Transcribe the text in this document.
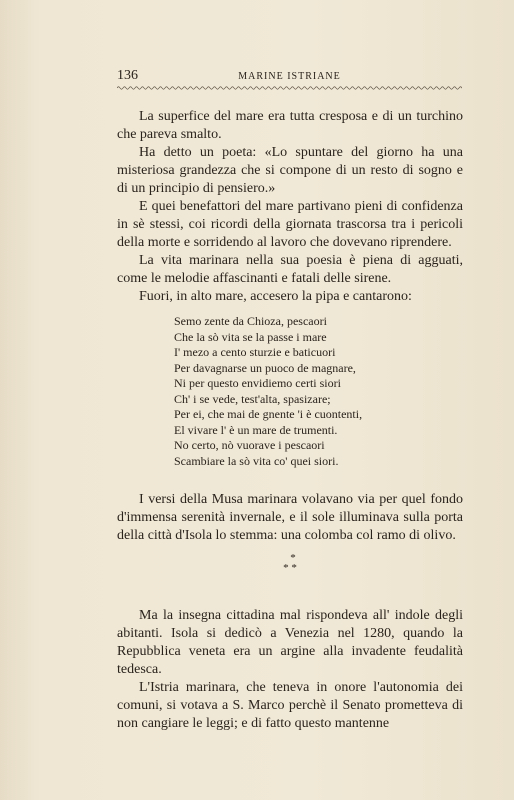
136	MARINE ISTRIANE

La superfice del mare era tutta cresposa e di un turchino che pareva smalto.

Ha detto un poeta: «Lo spuntare del giorno ha una misteriosa grandezza che si compone di un resto di sogno e di un principio di pensiero.»

E quei benefattori del mare partivano pieni di confidenza in sè stessi, coi ricordi della giornata trascorsa tra i pericoli della morte e sorridendo al lavoro che dovevano riprendere.

La vita marinara nella sua poesia è piena di agguati, come le melodie affascinanti e fatali delle sirene.

Fuori, in alto mare, accesero la pipa e cantarono:

Semo zente da Chioza, pescaori
Che la sò vita se la passe i mare
I' mezo a cento sturzie e baticuori
Per davagnarse un puoco de magnare,
Ni per questo envidiemo certi siori
Ch' i se vede, test'alta, spasizare;
Per ei, che mai de gnente 'i è cuontenti,
El vivare l' è un mare de trumenti.
No certo, nò vuorave i pescaori
Scambiare la sò vita co' quei siori.

I versi della Musa marinara volavano via per quel fondo d'immensa serenità invernale, e il sole illuminava sulla porta della città d'Isola lo stemma: una colomba col ramo di olivo.

*
* *

Ma la insegna cittadina mal rispondeva all' indole degli abitanti. Isola si dedicò a Venezia nel 1280, quando la Repubblica veneta era un argine alla invadente feudalità tedesca.

L'Istria marinara, che teneva in onore l'autonomia dei comuni, si votava a S. Marco perchè il Senato prometteva di non cangiare le leggi; e di fatto questo mantenne
